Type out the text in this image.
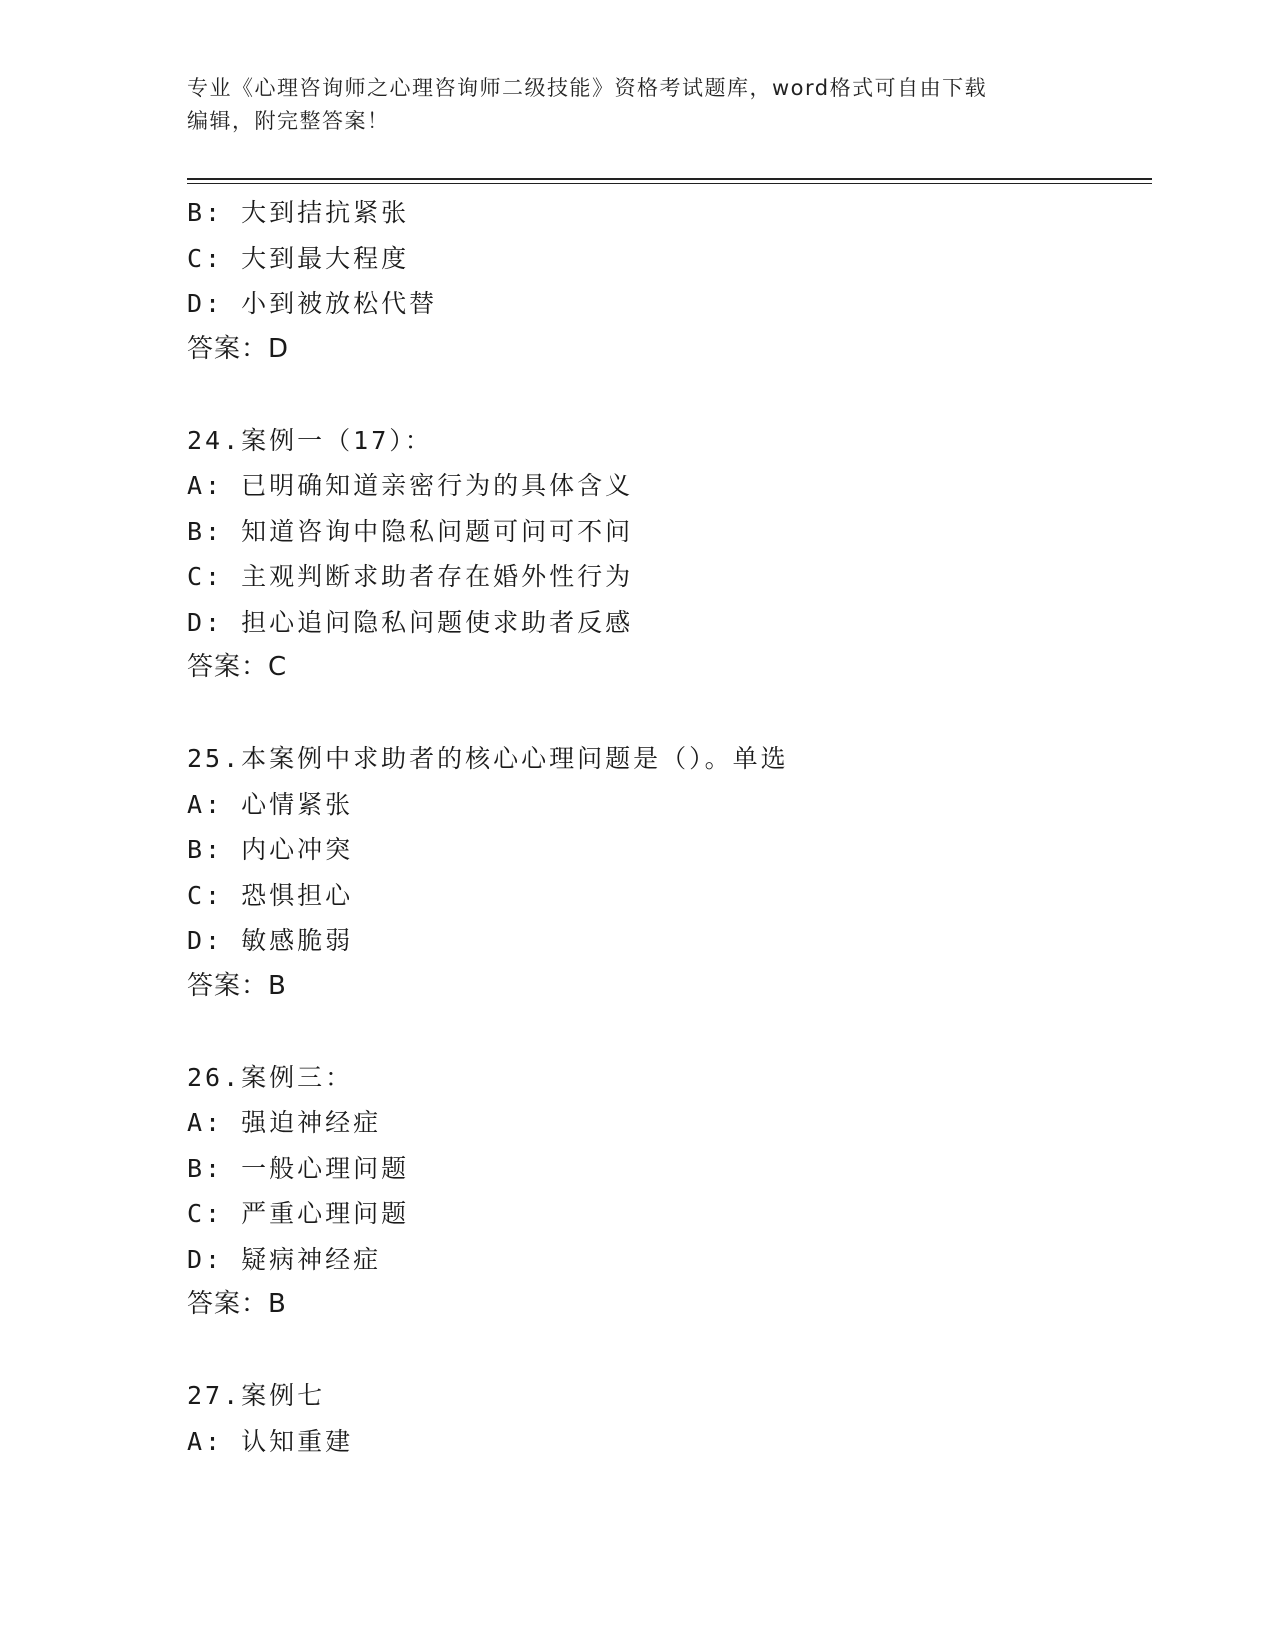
专业《心理咨询师之心理咨询师二级技能》资格考试题库，word格式可自由下载
编辑，附完整答案！
B: 大到拮抗紧张
C: 大到最大程度
D: 小到被放松代替
答案：D
24.案例一（17）：
A: 已明确知道亲密行为的具体含义
B: 知道咨询中隐私问题可问可不问
C: 主观判断求助者存在婚外性行为
D: 担心追问隐私问题使求助者反感
答案：C
25.本案例中求助者的核心心理问题是（）。单选
A: 心情紧张
B: 内心冲突
C: 恐惧担心
D: 敏感脆弱
答案：B
26.案例三：
A: 强迫神经症
B: 一般心理问题
C: 严重心理问题
D: 疑病神经症
答案：B
27.案例七
A: 认知重建
